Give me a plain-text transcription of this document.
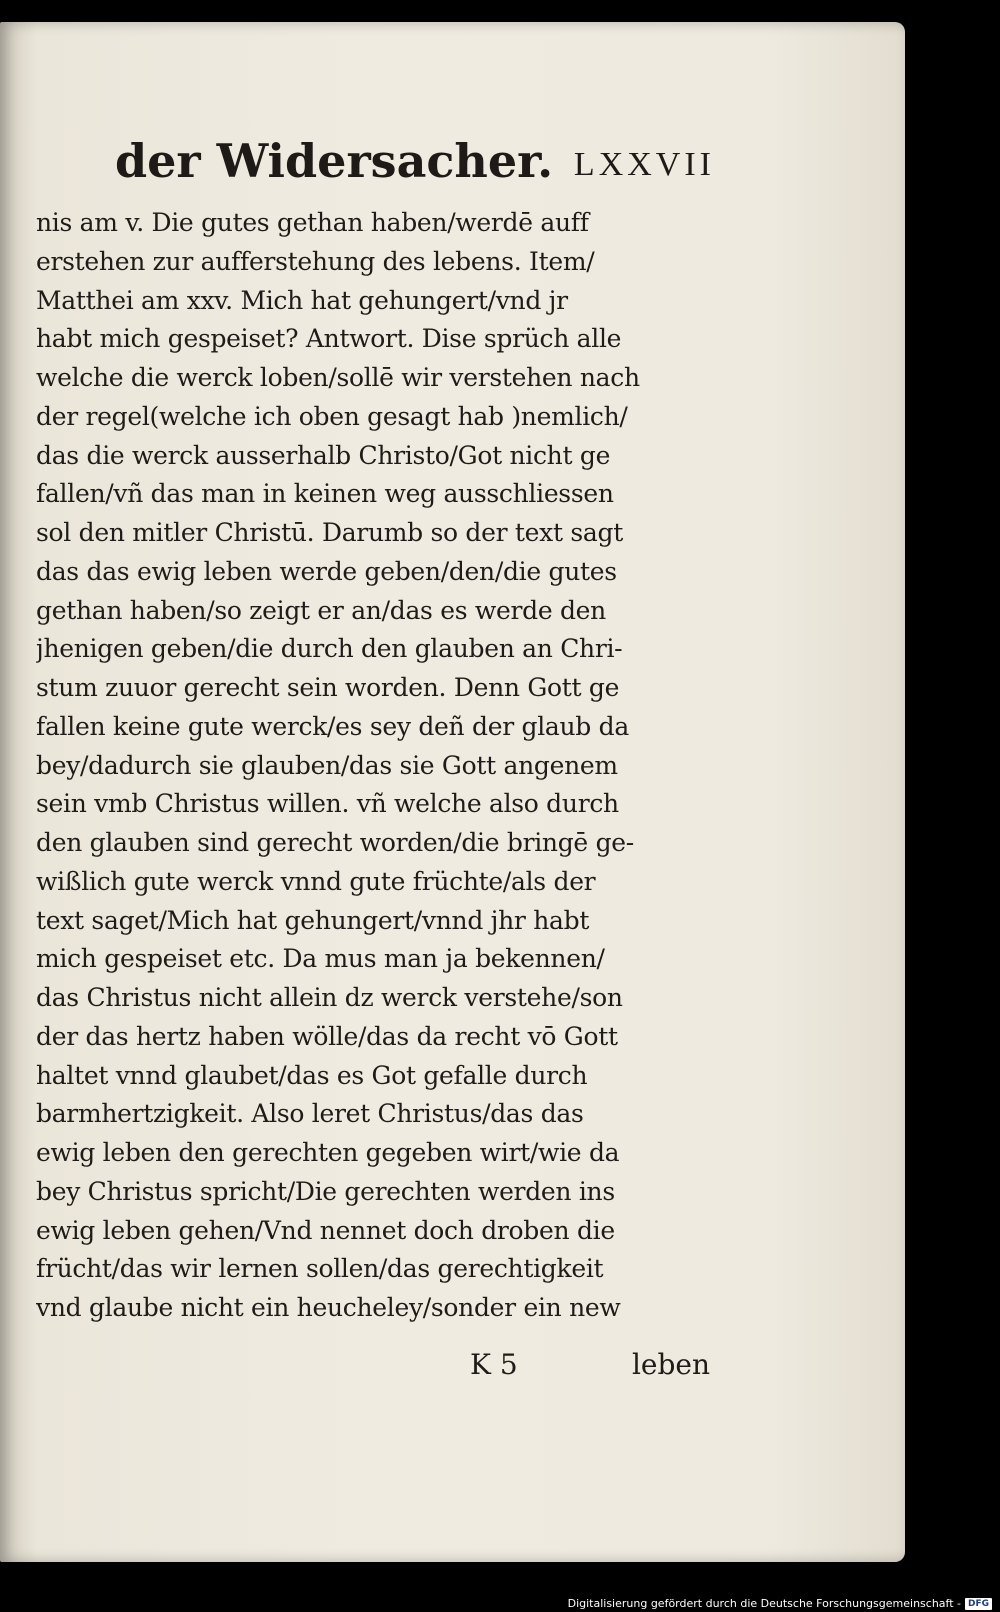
der Widersacher. LXXVII
nis am v. Die gutes gethan haben/werdē auff
erstehen zur aufferstehung des lebens. Item/
Matthei am xxv. Mich hat gehungert/vnd jr
habt mich gespeiset? Antwort. Dise sprüch alle
welche die werck loben/sollē wir verstehen nach
der regel(welche ich oben gesagt hab )nemlich/
das die werck ausserhalb Christo/Got nicht ge
fallen/vñ das man in keinen weg ausschliessen
sol den mitler Christū. Darumb so der text sagt
das das ewig leben werde geben/den/die gutes
gethan haben/so zeigt er an/das es werde den
jhenigen geben/die durch den glauben an Chri-
stum zuuor gerecht sein worden. Denn Gott ge
fallen keine gute werck/es sey deñ der glaub da
bey/dadurch sie glauben/das sie Gott angenem
sein vmb Christus willen. vñ welche also durch
den glauben sind gerecht worden/die bringē ge-
wißlich gute werck vnnd gute früchte/als der
text saget/Mich hat gehungert/vnnd jhr habt
mich gespeiset etc. Da mus man ja bekennen/
das Christus nicht allein dz werck verstehe/son
der das hertz haben wölle/das da recht vō Gott
haltet vnnd glaubet/das es Got gefalle durch
barmhertzigkeit. Also leret Christus/das das
ewig leben den gerechten gegeben wirt/wie da
bey Christus spricht/Die gerechten werden ins
ewig leben gehen/Vnd nennet doch droben die
frücht/das wir lernen sollen/das gerechtigkeit
vnd glaube nicht ein heucheley/sonder ein new
K 5	leben
Digitalisierung gefördert durch die Deutsche Forschungsgemeinschaft - DFG
